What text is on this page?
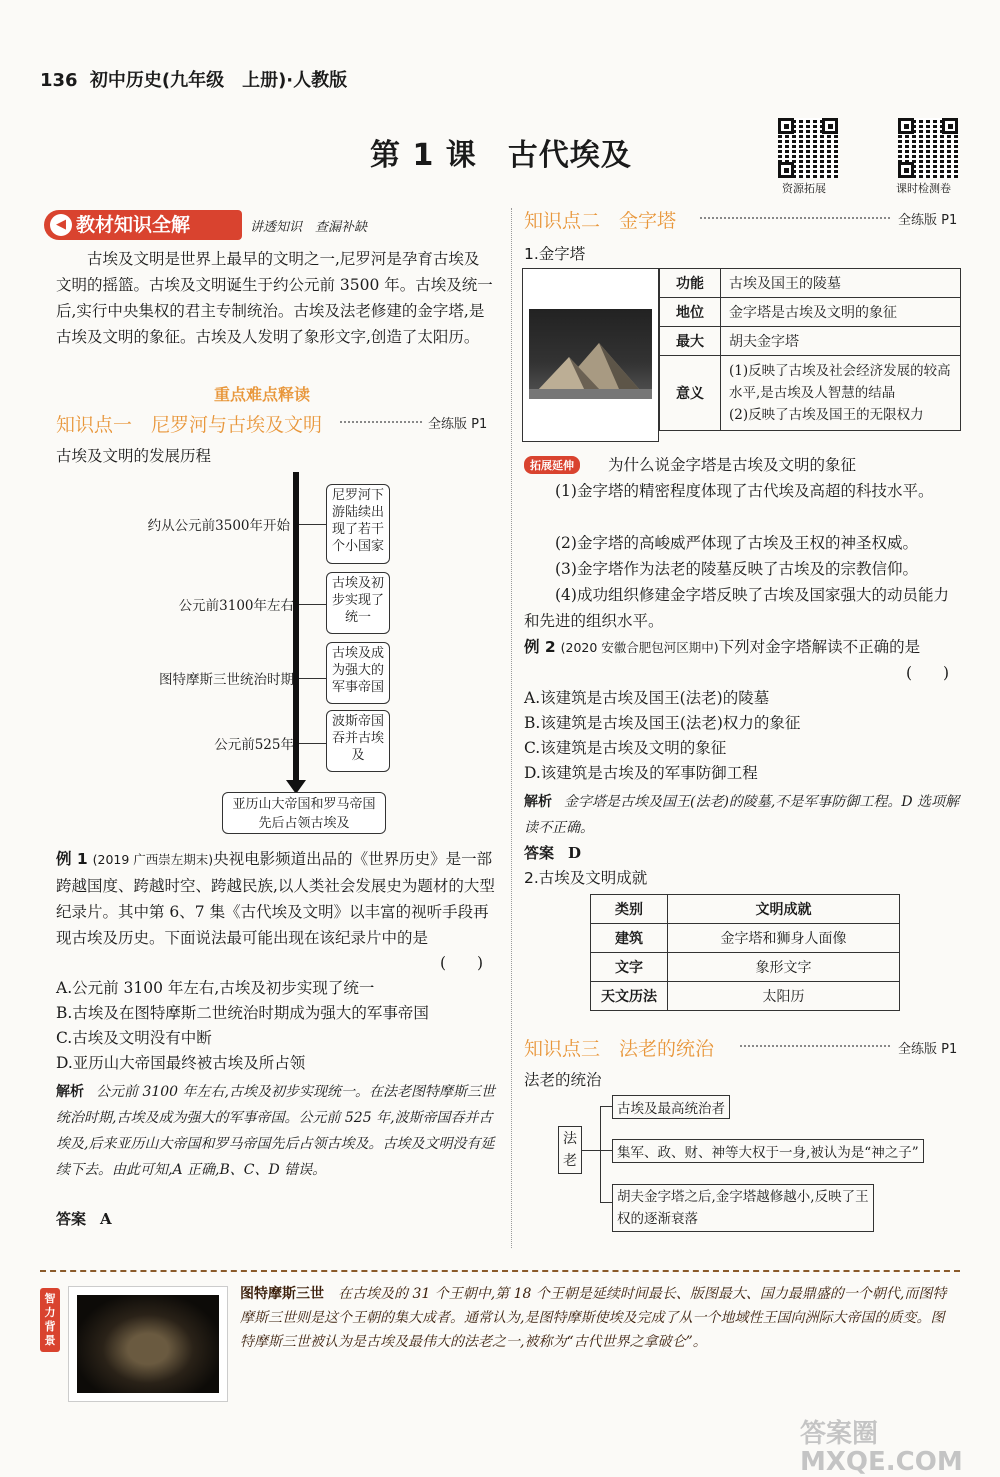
136 初中历史(九年级　上册)·人教版
第 1 课　古代埃及
资源拓展	课时检测卷
◀ 教材知识全解	讲透知识　查漏补缺
古埃及文明是世界上最早的文明之一,尼罗河是孕育古埃及文明的摇篮。古埃及文明诞生于约公元前 3500 年。古埃及统一后,实行中央集权的君主专制统治。古埃及法老修建的金字塔,是古埃及文明的象征。古埃及人发明了象形文字,创造了太阳历。
重点难点释读
知识点一　尼罗河与古埃及文明	全练版 P1
古埃及文明的发展历程
约从公元前3500年开始
尼罗河下游陆续出现了若干个小国家
公元前3100年左右
古埃及初步实现了统一
图特摩斯三世统治时期
古埃及成为强大的军事帝国
公元前525年
波斯帝国吞并古埃及
亚历山大帝国和罗马帝国先后占领古埃及
例 1 (2019 广西崇左期末)央视电影频道出品的《世界历史》是一部跨越国度、跨越时空、跨越民族,以人类社会发展史为题材的大型纪录片。其中第 6、7 集《古代埃及文明》以丰富的视听手段再现古埃及历史。下面说法最可能出现在该纪录片中的是
(　　)
A.公元前 3100 年左右,古埃及初步实现了统一
B.古埃及在图特摩斯二世统治时期成为强大的军事帝国
C.古埃及文明没有中断
D.亚历山大帝国最终被古埃及所占领
解析 公元前 3100 年左右,古埃及初步实现统一。在法老图特摩斯三世统治时期,古埃及成为强大的军事帝国。公元前 525 年,波斯帝国吞并古埃及,后来亚历山大帝国和罗马帝国先后占领古埃及。古埃及文明没有延续下去。由此可知,A 正确,B、C、D 错误。
答案 A
知识点二　金字塔	全练版 P1
1.金字塔
功能	古埃及国王的陵墓
地位	金字塔是古埃及文明的象征
最大	胡夫金字塔
意义	(1)反映了古埃及社会经济发展的较高水平,是古埃及人智慧的结晶
(2)反映了古埃及国王的无限权力
拓展延伸	为什么说金字塔是古埃及文明的象征
(1)金字塔的精密程度体现了古代埃及高超的科技水平。
(2)金字塔的高峻威严体现了古埃及王权的神圣权威。
(3)金字塔作为法老的陵墓反映了古埃及的宗教信仰。
(4)成功组织修建金字塔反映了古埃及国家强大的动员能力和先进的组织水平。
例 2 (2020 安徽合肥包河区期中)下列对金字塔解读不正确的是
(　　)
A.该建筑是古埃及国王(法老)的陵墓
B.该建筑是古埃及国王(法老)权力的象征
C.该建筑是古埃及文明的象征
D.该建筑是古埃及的军事防御工程
解析 金字塔是古埃及国王(法老)的陵墓,不是军事防御工程。D 选项解读不正确。
答案 D
2.古埃及文明成就
类别	文明成就
建筑	金字塔和狮身人面像
文字	象形文字
天文历法	太阳历
知识点三　法老的统治	全练版 P1
法老的统治
法老
古埃及最高统治者
集军、政、财、神等大权于一身,被认为是“神之子”
胡夫金字塔之后,金字塔越修越小,反映了王权的逐渐衰落
智力背景
图特摩斯三世 在古埃及的 31 个王朝中,第 18 个王朝是延续时间最长、版图最大、国力最鼎盛的一个朝代,而图特摩斯三世则是这个王朝的集大成者。通常认为,是图特摩斯使埃及完成了从一个地域性王国向洲际大帝国的质变。图特摩斯三世被认为是古埃及最伟大的法老之一,被称为“古代世界之拿破仑”。
答案圈 MXQE.COM
